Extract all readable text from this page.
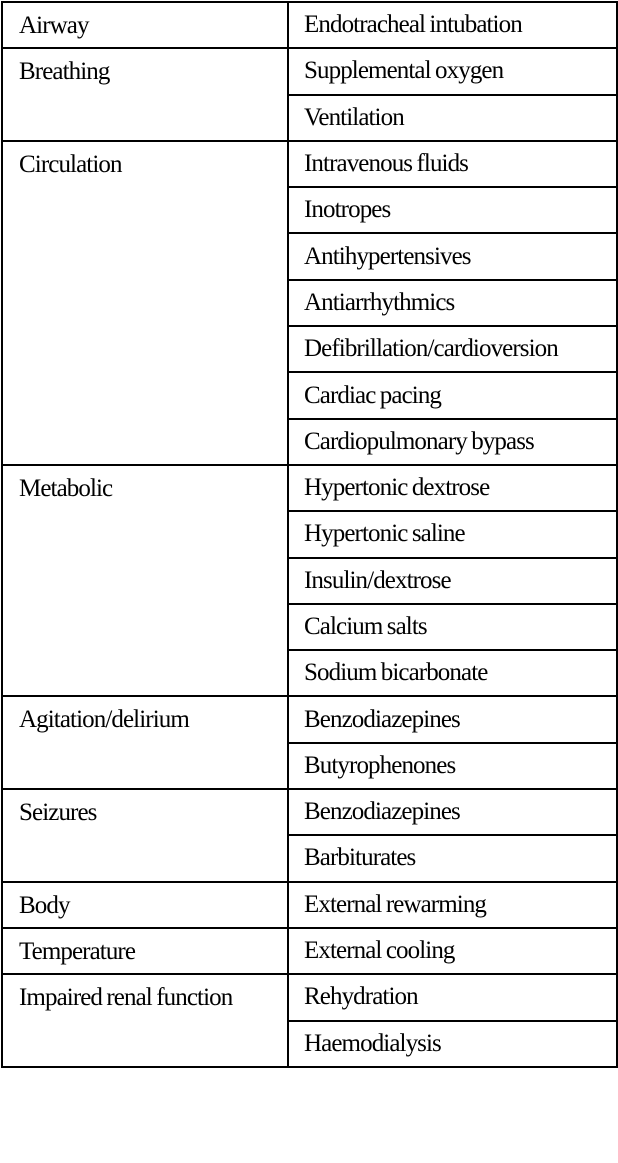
Airway	Endotracheal intubation
Breathing	Supplemental oxygen
	Ventilation
Circulation	Intravenous fluids
	Inotropes
	Antihypertensives
	Antiarrhythmics
	Defibrillation/cardioversion
	Cardiac pacing
	Cardiopulmonary bypass
Metabolic	Hypertonic dextrose
	Hypertonic saline
	Insulin/dextrose
	Calcium salts
	Sodium bicarbonate
Agitation/delirium	Benzodiazepines
	Butyrophenones
Seizures	Benzodiazepines
	Barbiturates
Body	External rewarming
Temperature	External cooling
Impaired renal function	Rehydration
	Haemodialysis
